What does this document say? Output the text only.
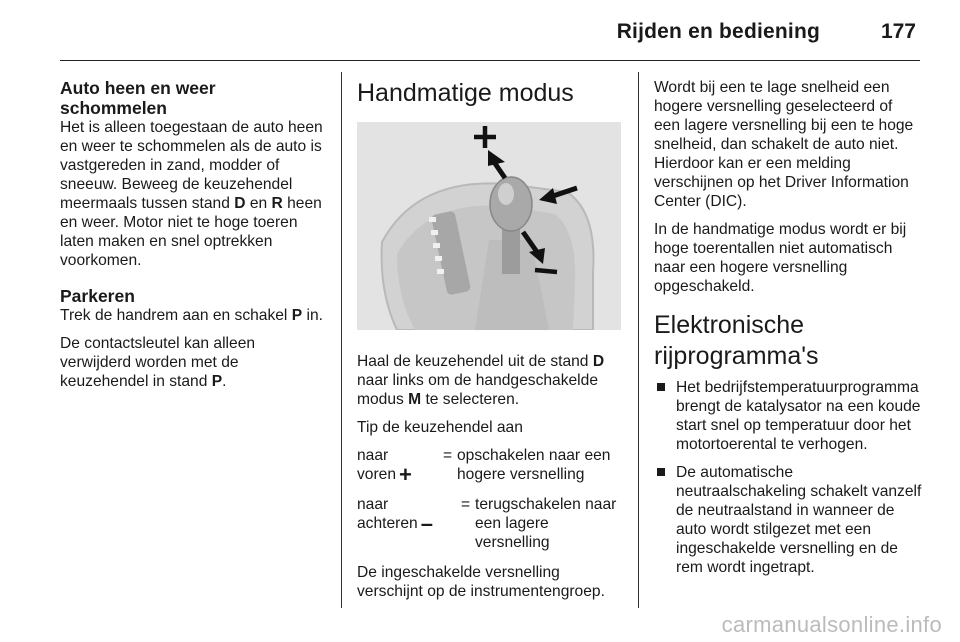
Rijden en bediening	177
Auto heen en weer schommelen

Het is alleen toegestaan de auto heen en weer te schommelen als de auto is vastgereden in zand, modder of sneeuw. Beweeg de keuzehendel meermaals tussen stand D en R heen en weer. Motor niet te hoge toeren laten maken en snel optrekken voorkomen.

Parkeren

Trek de handrem aan en schakel P in.

De contactsleutel kan alleen verwijderd worden met de keuzehendel in stand P.

Handmatige modus

Haal de keuzehendel uit de stand D naar links om de handgeschakelde modus M te selecteren.

Tip de keuzehendel aan

naar voren +
= opschakelen naar een hogere versnelling
naar achteren –
= terugschakelen naar een lagere versnelling

De ingeschakelde versnelling verschijnt op de instrumentengroep.

Wordt bij een te lage snelheid een hogere versnelling geselecteerd of een lagere versnelling bij een te hoge snelheid, dan schakelt de auto niet. Hierdoor kan er een melding verschijnen op het Driver Information Center (DIC).

In de handmatige modus wordt er bij hoge toerentallen niet automatisch naar een hogere versnelling opgeschakeld.

Elektronische
rijprogramma's
Het bedrijfstemperatuurprogramma brengt de katalysator na een koude start snel op temperatuur door het motortoerental te verhogen.
De automatische neutraalschakeling schakelt vanzelf de neutraalstand in wanneer de auto wordt stilgezet met een ingeschakelde versnelling en de rem wordt ingetrapt.
carmanualsonline.info
